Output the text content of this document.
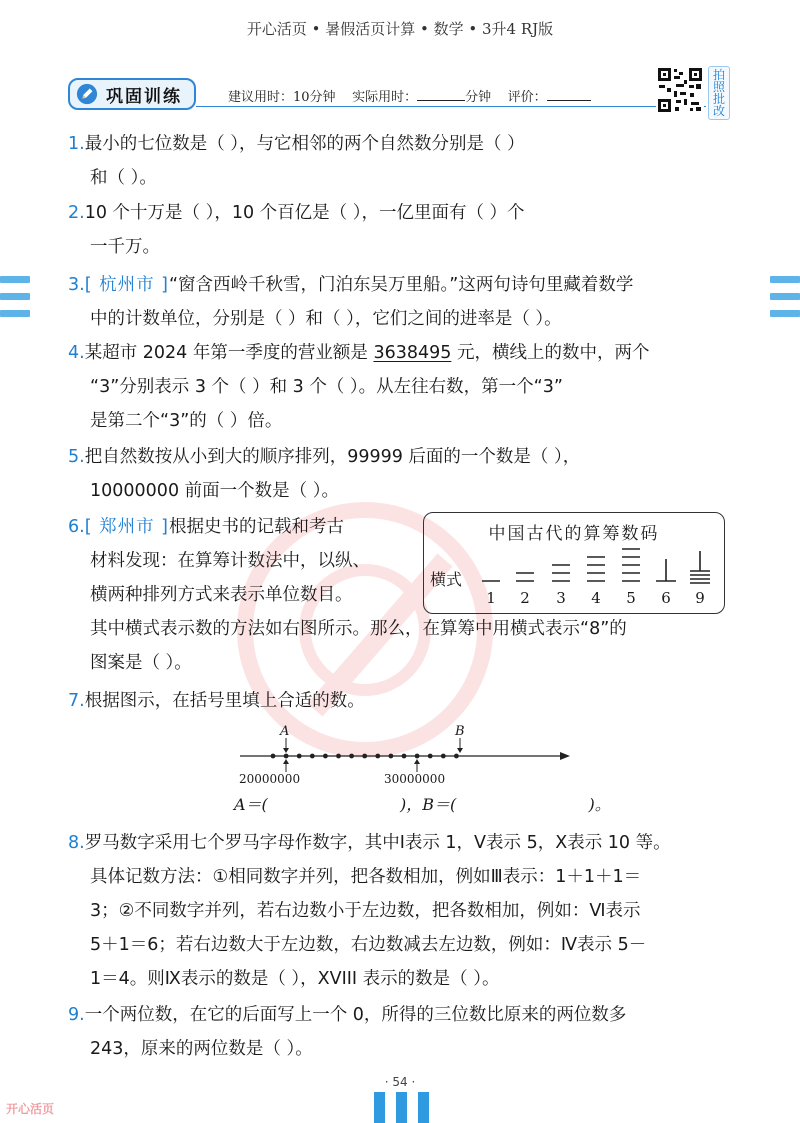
开心活页 • 暑假活页计算 • 数学 • 3升4 RJ版
巩固训练	建议用时：10分钟 实际用时：	分钟 评价：
拍照批改
1.最小的七位数是（ ），与它相邻的两个自然数分别是（ ）
和（ ）。
2.10 个十万是（ ），10 个百亿是（ ），一亿里面有（ ）个
一千万。
3.[ 杭州市 ]“窗含西岭千秋雪，门泊东吴万里船。”这两句诗句里藏着数学
中的计数单位，分别是（ ）和（ ），它们之间的进率是（ ）。
4.某超市 2024 年第一季度的营业额是 3638495 元，横线上的数中，两个
“3”分别表示 3 个（ ）和 3 个（ ）。从左往右数，第一个“3”
是第二个“3”的（ ）倍。
5.把自然数按从小到大的顺序排列，99999 后面的一个数是（ ），
10000000 前面一个数是（ ）。
6.[ 郑州市 ]根据史书的记载和考古
材料发现：在算筹计数法中，以纵、
横两种排列方式来表示单位数目。
其中横式表示数的方法如右图所示。那么，在算筹中用横式表示“8”的
图案是（ ）。
中国古代的算筹数码
横式
1	2	3	4	5	6	9
7.根据图示，在括号里填上合适的数。
A	B
20000000	30000000
A＝(                          )，B＝(                          )。
8.罗马数字采用七个罗马字母作数字，其中Ⅰ表示 1，Ⅴ表示 5，Ⅹ表示 10 等。
具体记数方法：①相同数字并列，把各数相加，例如Ⅲ表示：1＋1＋1＝
3；②不同数字并列，若右边数小于左边数，把各数相加，例如：Ⅵ表示
5＋1＝6；若右边数大于左边数，右边数减去左边数，例如：Ⅳ表示 5－
1＝4。则Ⅸ表示的数是（ ），XVIII 表示的数是（ ）。
9.一个两位数，在它的后面写上一个 0，所得的三位数比原来的两位数多
243，原来的两位数是（ ）。
· 54 ·
开心活页
